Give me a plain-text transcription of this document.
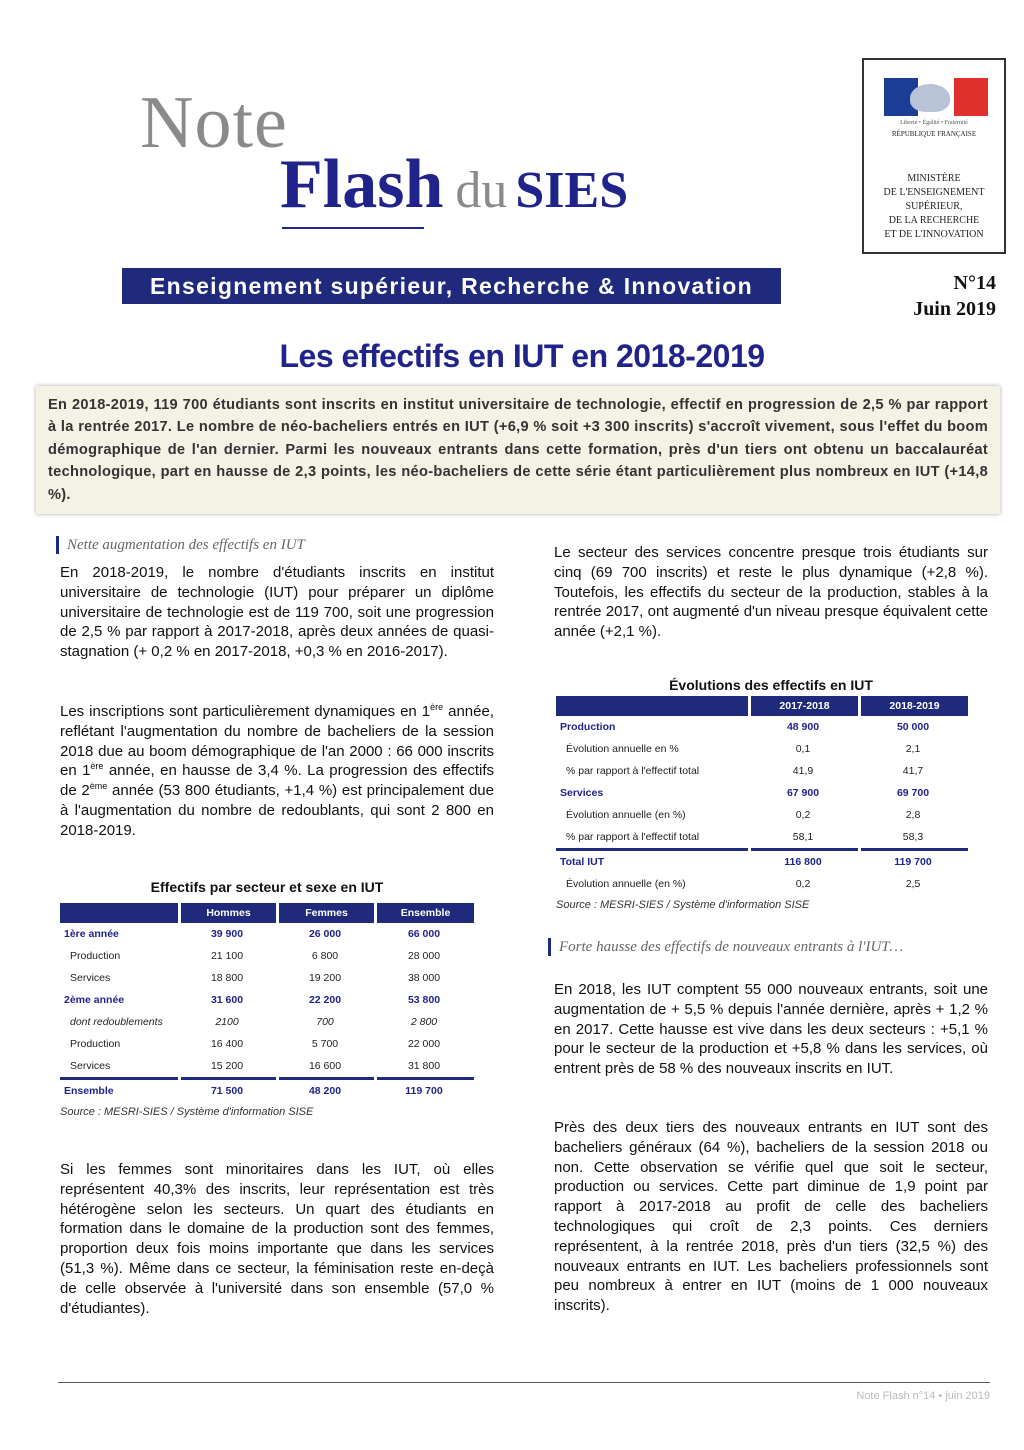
Note
Flash du SIES
Enseignement supérieur, Recherche & Innovation
Liberté • Égalité • Fraternité
RÉPUBLIQUE FRANÇAISE
MINISTÈRE
DE L'ENSEIGNEMENT
SUPÉRIEUR,
DE LA RECHERCHE
ET DE L'INNOVATION
N°14
Juin 2019
Les effectifs en IUT en 2018-2019

En 2018-2019, 119 700 étudiants sont inscrits en institut universitaire de technologie, effectif en progression de 2,5 % par rapport à la rentrée 2017. Le nombre de néo-bacheliers entrés en IUT (+6,9 % soit +3 300 inscrits) s'accroît vivement, sous l'effet du boom démographique de l'an dernier. Parmi les nouveaux entrants dans cette formation, près d'un tiers ont obtenu un baccalauréat technologique, part en hausse de 2,3 points, les néo-bacheliers de cette série étant particulièrement plus nombreux en IUT (+14,8 %).

Nette augmentation des effectifs en IUT

En 2018-2019, le nombre d'étudiants inscrits en institut universitaire de technologie (IUT) pour préparer un diplôme universitaire de technologie est de 119 700, soit une progression de 2,5 % par rapport à 2017-2018, après deux années de quasi-stagnation (+ 0,2 % en 2017-2018, +0,3 % en 2016-2017).

Les inscriptions sont particulièrement dynamiques en 1ère année, reflétant l'augmentation du nombre de bacheliers de la session 2018 due au boom démographique de l'an 2000 : 66 000 inscrits en 1ère année, en hausse de 3,4 %. La progression des effectifs de 2ème année (53 800 étudiants, +1,4 %) est principalement due à l'augmentation du nombre de redoublants, qui sont 2 800 en 2018-2019.

Effectifs par secteur et sexe en IUT
	Hommes	Femmes	Ensemble
1ère année	39 900	26 000	66 000
Production	21 100	6 800	28 000
Services	18 800	19 200	38 000
2ème année	31 600	22 200	53 800
dont redoublements	2100	700	2 800
Production	16 400	5 700	22 000
Services	15 200	16 600	31 800

Ensemble	71 500	48 200	119 700
Source : MESRI-SIES / Système d'information SISE

Si les femmes sont minoritaires dans les IUT, où elles représentent 40,3% des inscrits, leur représentation est très hétérogène selon les secteurs. Un quart des étudiants en formation dans le domaine de la production sont des femmes, proportion deux fois moins importante que dans les services (51,3 %). Même dans ce secteur, la féminisation reste en-deçà de celle observée à l'université dans son ensemble (57,0 % d'étudiantes).

Le secteur des services concentre presque trois étudiants sur cinq (69 700 inscrits) et reste le plus dynamique (+2,8 %). Toutefois, les effectifs du secteur de la production, stables à la rentrée 2017, ont augmenté d'un niveau presque équivalent cette année (+2,1 %).

Évolutions des effectifs en IUT
	2017-2018	2018-2019
Production	48 900	50 000
Évolution annuelle en %	0,1	2,1
% par rapport à l'effectif total	41,9	41,7
Services	67 900	69 700
Évolution annuelle (en %)	0,2	2,8
% par rapport à l'effectif total	58,1	58,3

Total IUT	116 800	119 700
Évolution annuelle (en %)	0,2	2,5
Source : MESRI-SIES / Système d'information SISE
Forte hausse des effectifs de nouveaux entrants à l'IUT…

En 2018, les IUT comptent 55 000 nouveaux entrants, soit une augmentation de + 5,5 % depuis l'année dernière, après + 1,2 % en 2017. Cette hausse est vive dans les deux secteurs : +5,1 % pour le secteur de la production et +5,8 % dans les services, où entrent près de 58 % des nouveaux inscrits en IUT.

Près des deux tiers des nouveaux entrants en IUT sont des bacheliers généraux (64 %), bacheliers de la session 2018 ou non. Cette observation se vérifie quel que soit le secteur, production ou services. Cette part diminue de 1,9 point par rapport à 2017-2018 au profit de celle des bacheliers technologiques qui croît de 2,3 points. Ces derniers représentent, à la rentrée 2018, près d'un tiers (32,5 %) des nouveaux entrants en IUT. Les bacheliers professionnels sont peu nombreux à entrer en IUT (moins de 1 000 nouveaux inscrits).

Note Flash n°14 • juin 2019
